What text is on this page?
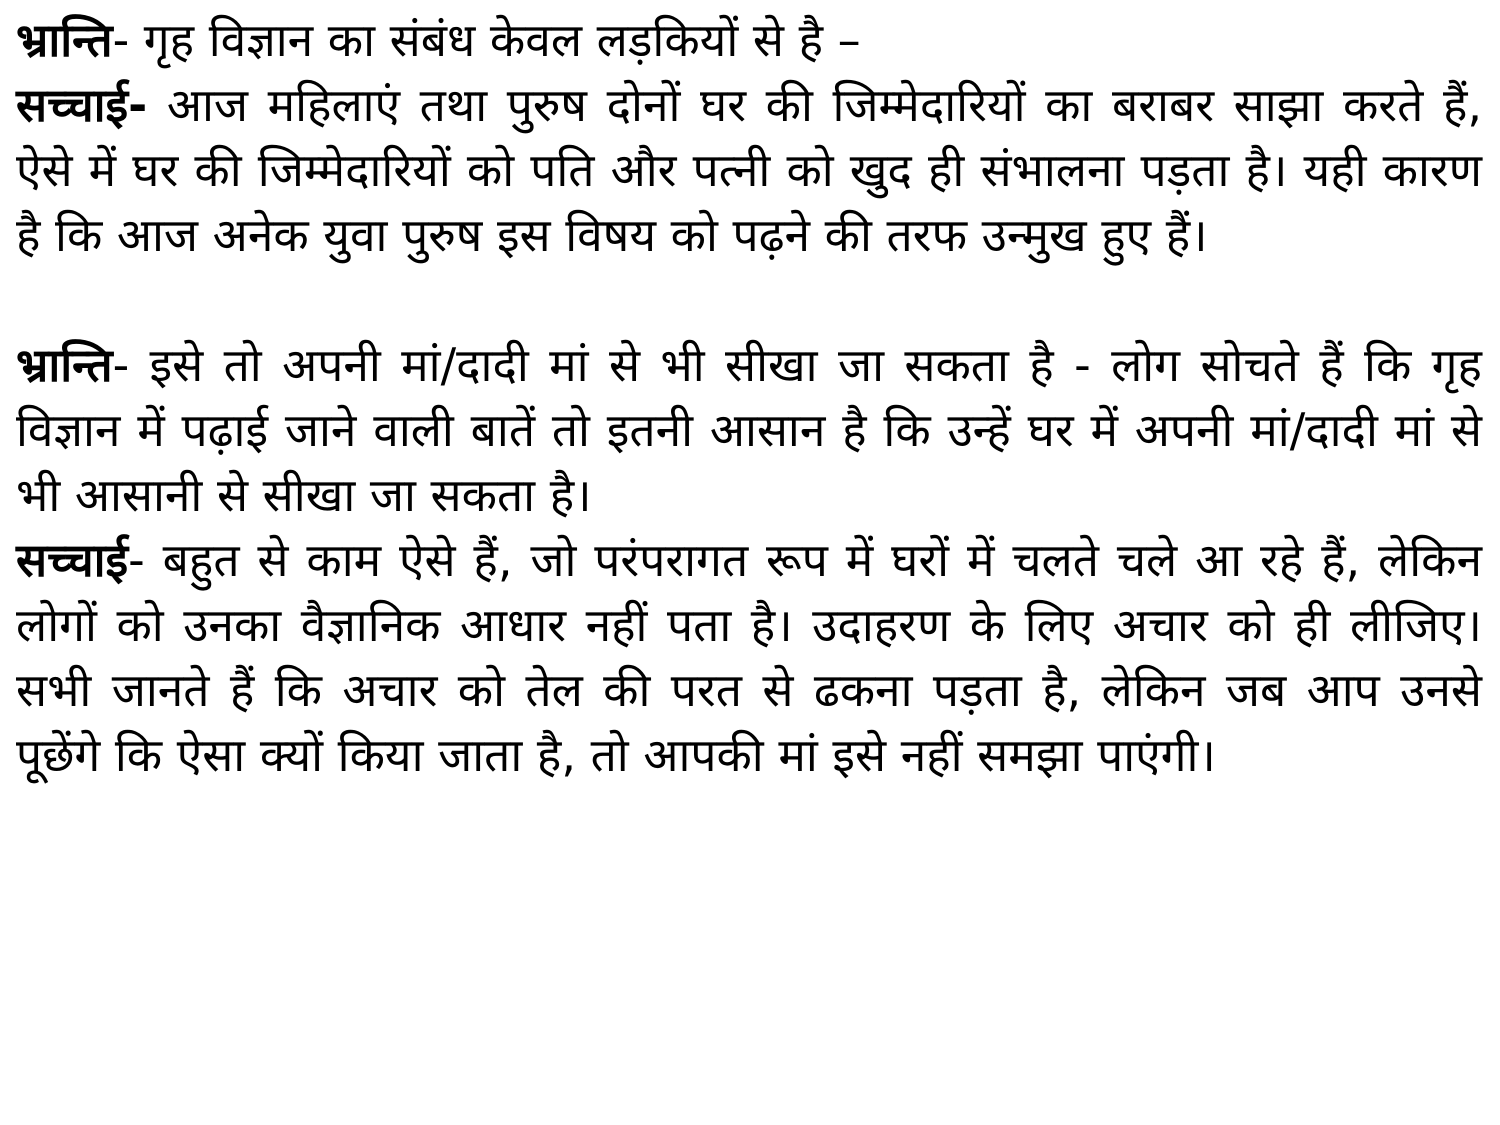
भ्रान्ति- गृह विज्ञान का संबंध केवल लड़कियों से है –

सच्चाई- आज महिलाएं तथा पुरुष दोनों घर की जिम्मेदारियों का बराबर साझा करते हैं, ऐसे में घर की जिम्मेदारियों को पति और पत्नी को खुद ही संभालना पड़ता है। यही कारण है कि आज अनेक युवा पुरुष इस विषय को पढ़ने की तरफ उन्मुख हुए हैं।

भ्रान्ति- इसे तो अपनी मां/दादी मां से भी सीखा जा सकता है - लोग सोचते हैं कि गृह विज्ञान में पढ़ाई जाने वाली बातें तो इतनी आसान है कि उन्हें घर में अपनी मां/दादी मां से भी आसानी से सीखा जा सकता है।

सच्चाई- बहुत से काम ऐसे हैं, जो परंपरागत रूप में घरों में चलते चले आ रहे हैं, लेकिन लोगों को उनका वैज्ञानिक आधार नहीं पता है। उदाहरण के लिए अचार को ही लीजिए। सभी जानते हैं कि अचार को तेल की परत से ढकना पड़ता है, लेकिन जब आप उनसे पूछेंगे कि ऐसा क्यों किया जाता है, तो आपकी मां इसे नहीं समझा पाएंगी।
